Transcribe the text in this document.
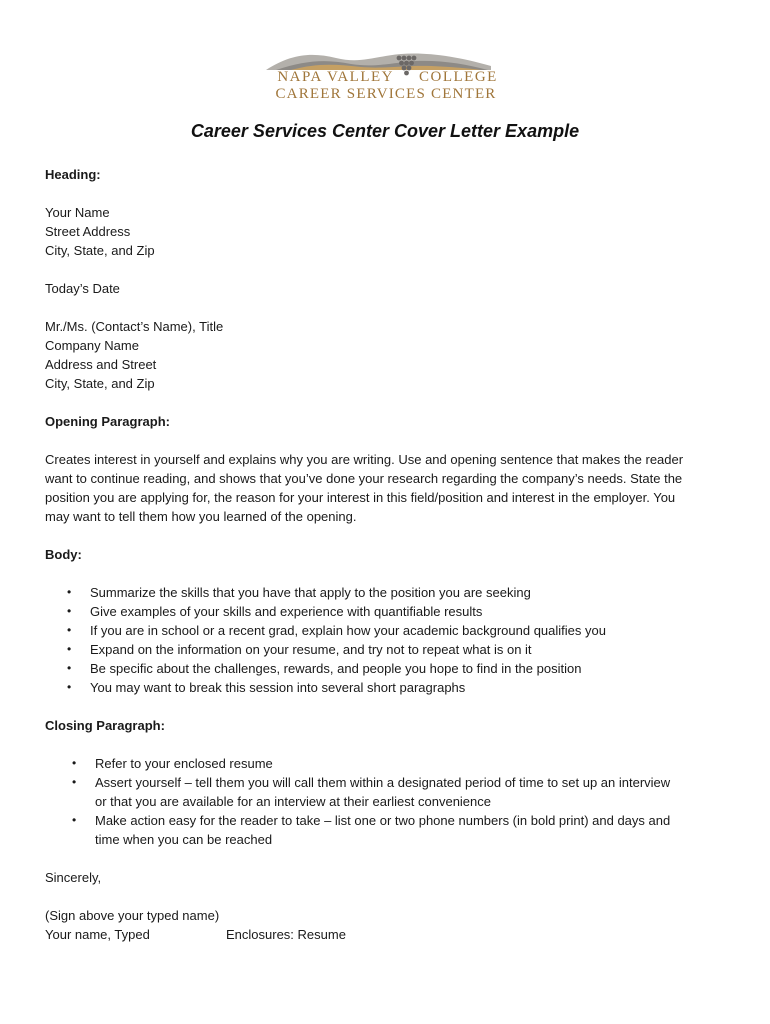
NAPA VALLEY COLLEGE
CAREER SERVICES CENTER
Career Services Center Cover Letter Example

Heading:

Your Name

Street Address

City, State, and Zip

Today’s Date

Mr./Ms. (Contact’s Name), Title

Company Name

Address and Street

City, State, and Zip

Opening Paragraph:

Creates interest in yourself and explains why you are writing. Use and opening sentence that makes the reader

want to continue reading, and shows that you’ve done your research regarding the company’s needs. State the

position you are applying for, the reason for your interest in this field/position and interest in the employer. You

may want to tell them how you learned of the opening.

Body:

• Summarize the skills that you have that apply to the position you are seeking
• Give examples of your skills and experience with quantifiable results
• If you are in school or a recent grad, explain how your academic background qualifies you
• Expand on the information on your resume, and try not to repeat what is on it
• Be specific about the challenges, rewards, and people you hope to find in the position
• You may want to break this session into several short paragraphs

Closing Paragraph:

• Refer to your enclosed resume
• Assert yourself – tell them you will call them within a designated period of time to set up an interview
or that you are available for an interview at their earliest convenience
• Make action easy for the reader to take – list one or two phone numbers (in bold print) and days and
time when you can be reached

Sincerely,

(Sign above your typed name)

Your name, Typed	Enclosures: Resume
